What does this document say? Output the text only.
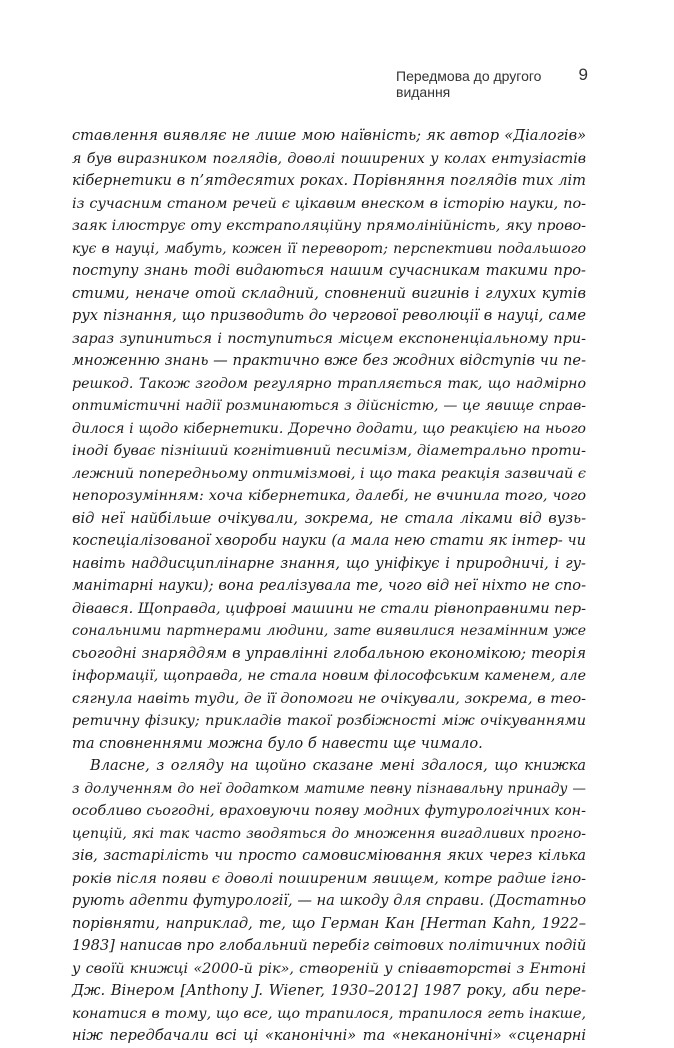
Передмова до другого видання
9
ставлення виявляє не лише мою наївність; як автор «Діалогів»
я був виразником поглядів, доволі поширених у колах ентузіастів
кібернетики в п’ятдесятих роках. Порівняння поглядів тих літ
із сучасним станом речей є цікавим внеском в історію науки, по-
заяк ілюструє оту екстраполяційну прямолінійність, яку прово-
кує в науці, мабуть, кожен її переворот; перспективи подальшого
поступу знань тоді видаються нашим сучасникам такими про-
стими, неначе отой складний, сповнений вигинів і глухих кутів
рух пізнання, що призводить до чергової революції в науці, саме
зараз зупиниться і поступиться місцем експоненціальному при-
множенню знань — практично вже без жодних відступів чи пе-
решкод. Також згодом регулярно трапляється так, що надмірно
оптимістичні надії розминаються з дійсністю, — це явище справ-
дилося і щодо кібернетики. Доречно додати, що реакцією на нього
іноді буває пізніший когнітивний песимізм, діаметрально проти-
лежний попередньому оптимізмові, і що така реакція зазвичай є
непорозумінням: хоча кібернетика, далебі, не вчинила того, чого
від неї найбільше очікували, зокрема, не стала ліками від вузь-
коспеціалізованої хвороби науки (а мала нею стати як інтер- чи
навіть наддисциплінарне знання, що уніфікує і природничі, і гу-
манітарні науки); вона реалізувала те, чого від неї ніхто не спо-
дівався. Щоправда, цифрові машини не стали рівноправними пер-
сональними партнерами людини, зате виявилися незамінним уже
сьогодні знаряддям в управлінні глобальною економікою; теорія
інформації, щоправда, не стала новим філософським каменем, але
сягнула навіть туди, де її допомоги не очікували, зокрема, в тео-
ретичну фізику; прикладів такої розбіжності між очікуваннями
та сповненнями можна було б навести ще чимало.
Власне, з огляду на щойно сказане мені здалося, що книжка
з долученням до неї додатком матиме певну пізнавальну принаду —
особливо сьогодні, враховуючи появу модних футурологічних кон-
цепцій, які так часто зводяться до множення вигадливих прогно-
зів, застарілість чи просто самовисміювання яких через кілька
років після появи є доволі поширеним явищем, котре радше ігно-
рують адепти футурології, — на шкоду для справи. (Достатньо
порівняти, наприклад, те, що Герман Кан [Herman Kahn, 1922–
1983] написав про глобальний перебіг світових політичних подій
у своїй книжці «2000-й рік», створеній у співавторстві з Ентоні
Дж. Вінером [Anthony J. Wiener, 1930–2012] 1987 року, аби пере-
конатися в тому, що все, що трапилося, трапилося геть інакше,
ніж передбачали всі ці «канонічні» та «неканонічні» «сценарні
